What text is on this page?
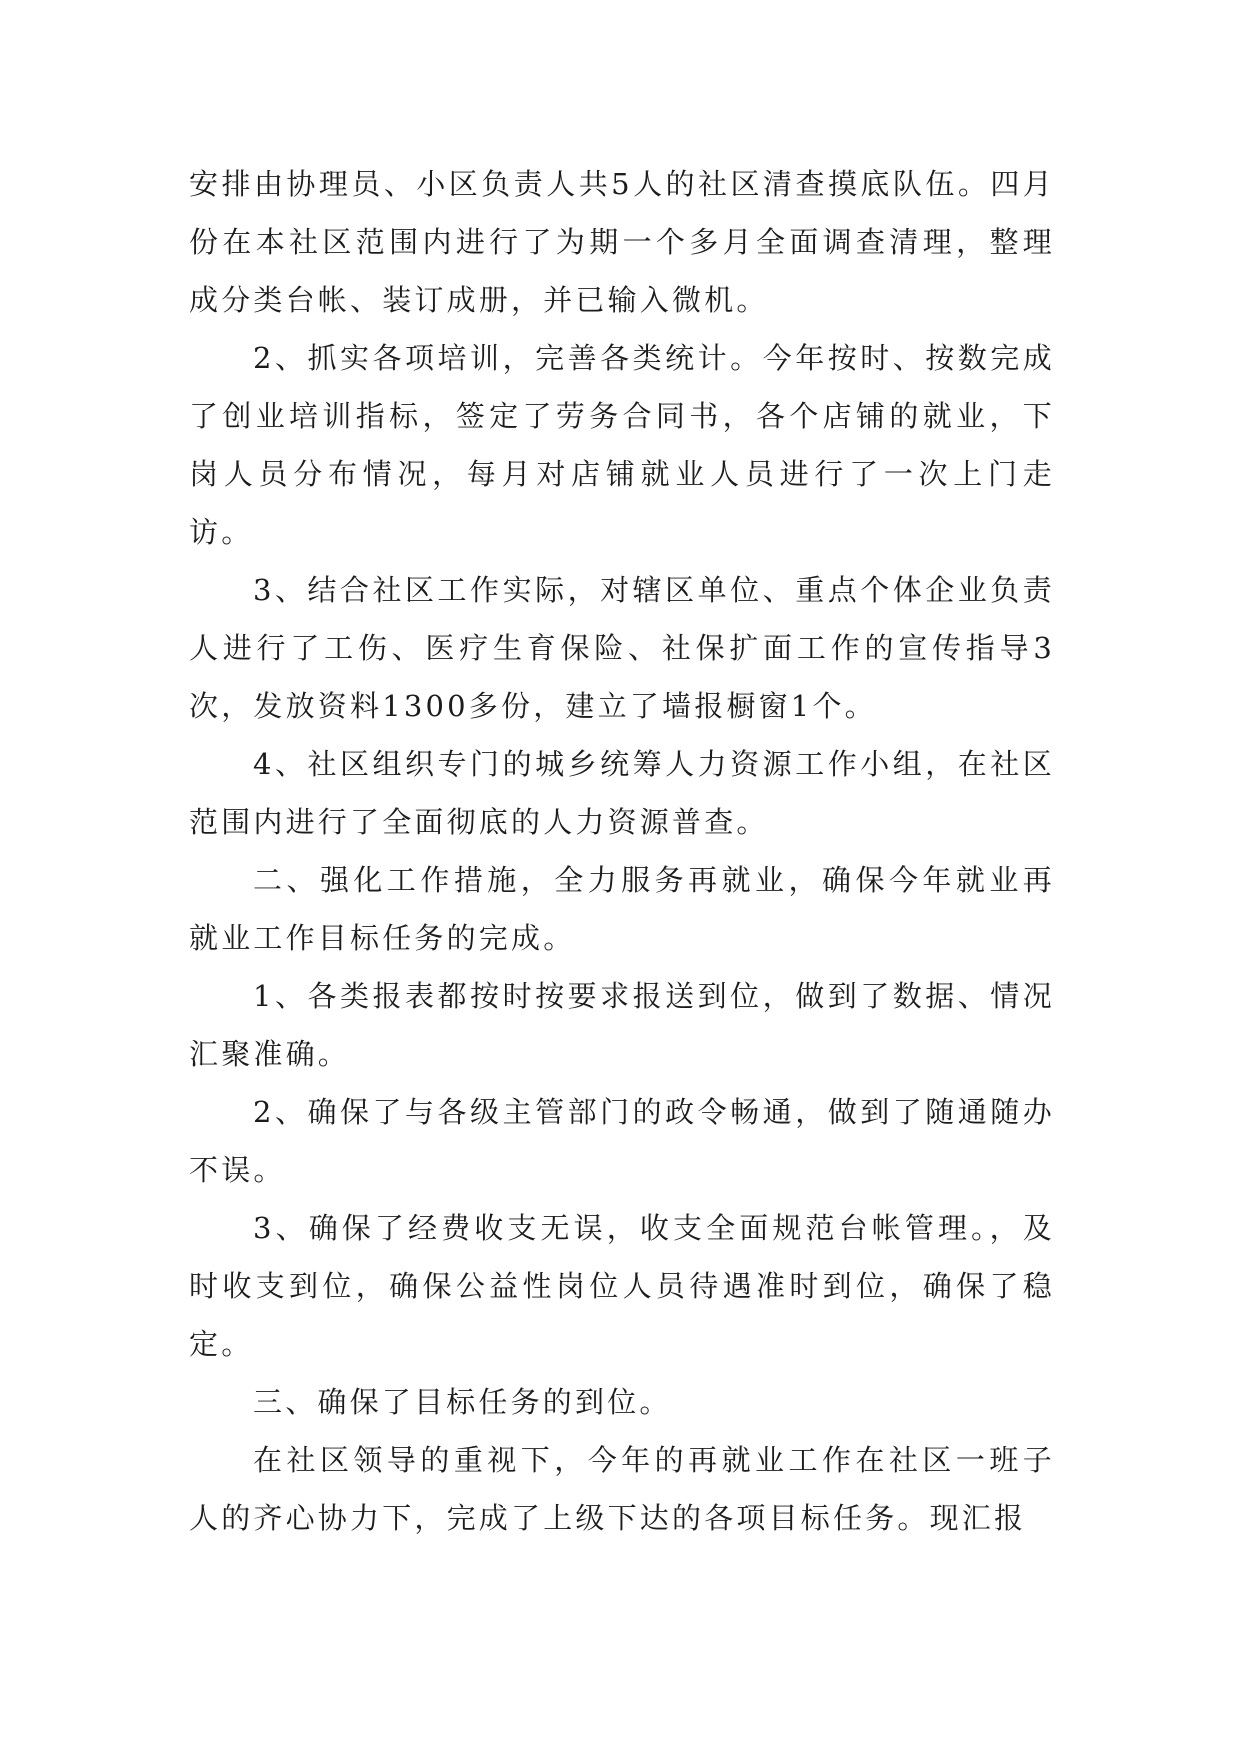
安排由协理员、小区负责人共5人的社区清查摸底队伍。四月份在本社区范围内进行了为期一个多月全面调查清理，整理成分类台帐、装订成册，并已输入微机。

2、抓实各项培训，完善各类统计。今年按时、按数完成了创业培训指标，签定了劳务合同书，各个店铺的就业，下岗人员分布情况，每月对店铺就业人员进行了一次上门走访。

3、结合社区工作实际，对辖区单位、重点个体企业负责人进行了工伤、医疗生育保险、社保扩面工作的宣传指导3次，发放资料1300多份，建立了墙报橱窗1个。

4、社区组织专门的城乡统筹人力资源工作小组，在社区范围内进行了全面彻底的人力资源普查。

二、强化工作措施，全力服务再就业，确保今年就业再就业工作目标任务的完成。

1、各类报表都按时按要求报送到位，做到了数据、情况汇聚准确。

2、确保了与各级主管部门的政令畅通，做到了随通随办不误。

3、确保了经费收支无误，收支全面规范台帐管理。，及时收支到位，确保公益性岗位人员待遇准时到位，确保了稳定。

三、确保了目标任务的到位。

在社区领导的重视下，今年的再就业工作在社区一班子人的齐心协力下，完成了上级下达的各项目标任务。现汇报
